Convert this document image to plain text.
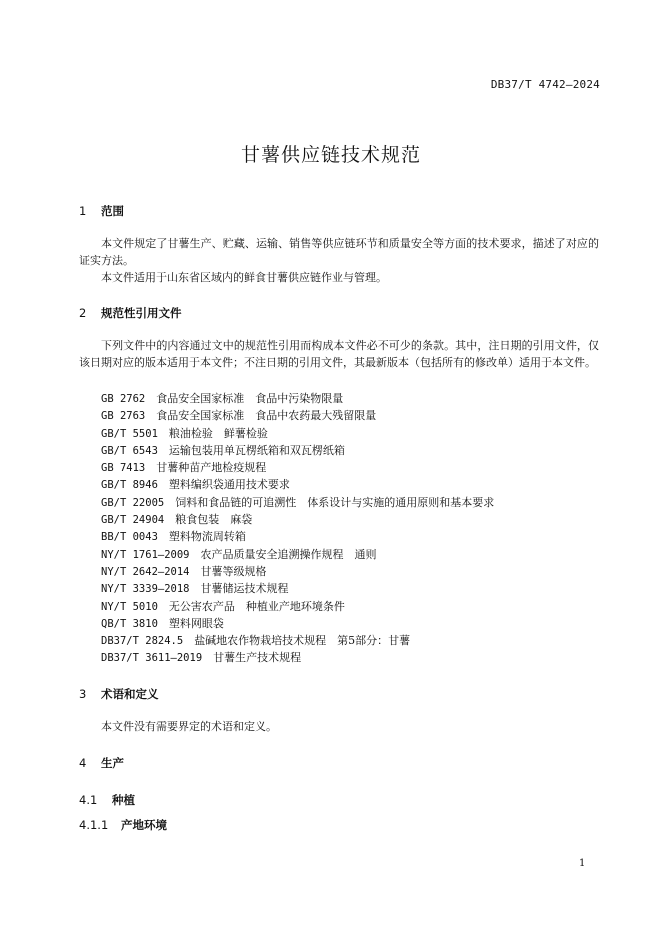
DB37/T 4742—2024
甘薯供应链技术规范
1 范围
本文件规定了甘薯生产、贮藏、运输、销售等供应链环节和质量安全等方面的技术要求，描述了对应的证实方法。
本文件适用于山东省区域内的鲜食甘薯供应链作业与管理。
2 规范性引用文件
下列文件中的内容通过文中的规范性引用而构成本文件必不可少的条款。其中，注日期的引用文件，仅该日期对应的版本适用于本文件；不注日期的引用文件，其最新版本（包括所有的修改单）适用于本文件。
GB 2762　 食品安全国家标准　食品中污染物限量
GB 2763　 食品安全国家标准　食品中农药最大残留限量
GB/T 5501　 粮油检验　鲜薯检验
GB/T 6543　 运输包装用单瓦楞纸箱和双瓦楞纸箱
GB 7413　 甘薯种苗产地检疫规程
GB/T 8946　 塑料编织袋通用技术要求
GB/T 22005　 饲料和食品链的可追溯性　体系设计与实施的通用原则和基本要求
GB/T 24904　 粮食包装　麻袋
BB/T 0043　 塑料物流周转箱
NY/T 1761—2009　 农产品质量安全追溯操作规程　通则
NY/T 2642—2014　 甘薯等级规格
NY/T 3339—2018　 甘薯储运技术规程
NY/T 5010　 无公害农产品　种植业产地环境条件
QB/T 3810　 塑料网眼袋
DB37/T 2824.5　 盐碱地农作物栽培技术规程　第5部分：甘薯
DB37/T 3611—2019　 甘薯生产技术规程
3 术语和定义
本文件没有需要界定的术语和定义。
4 生产
4.1 种植
4.1.1 产地环境
1
